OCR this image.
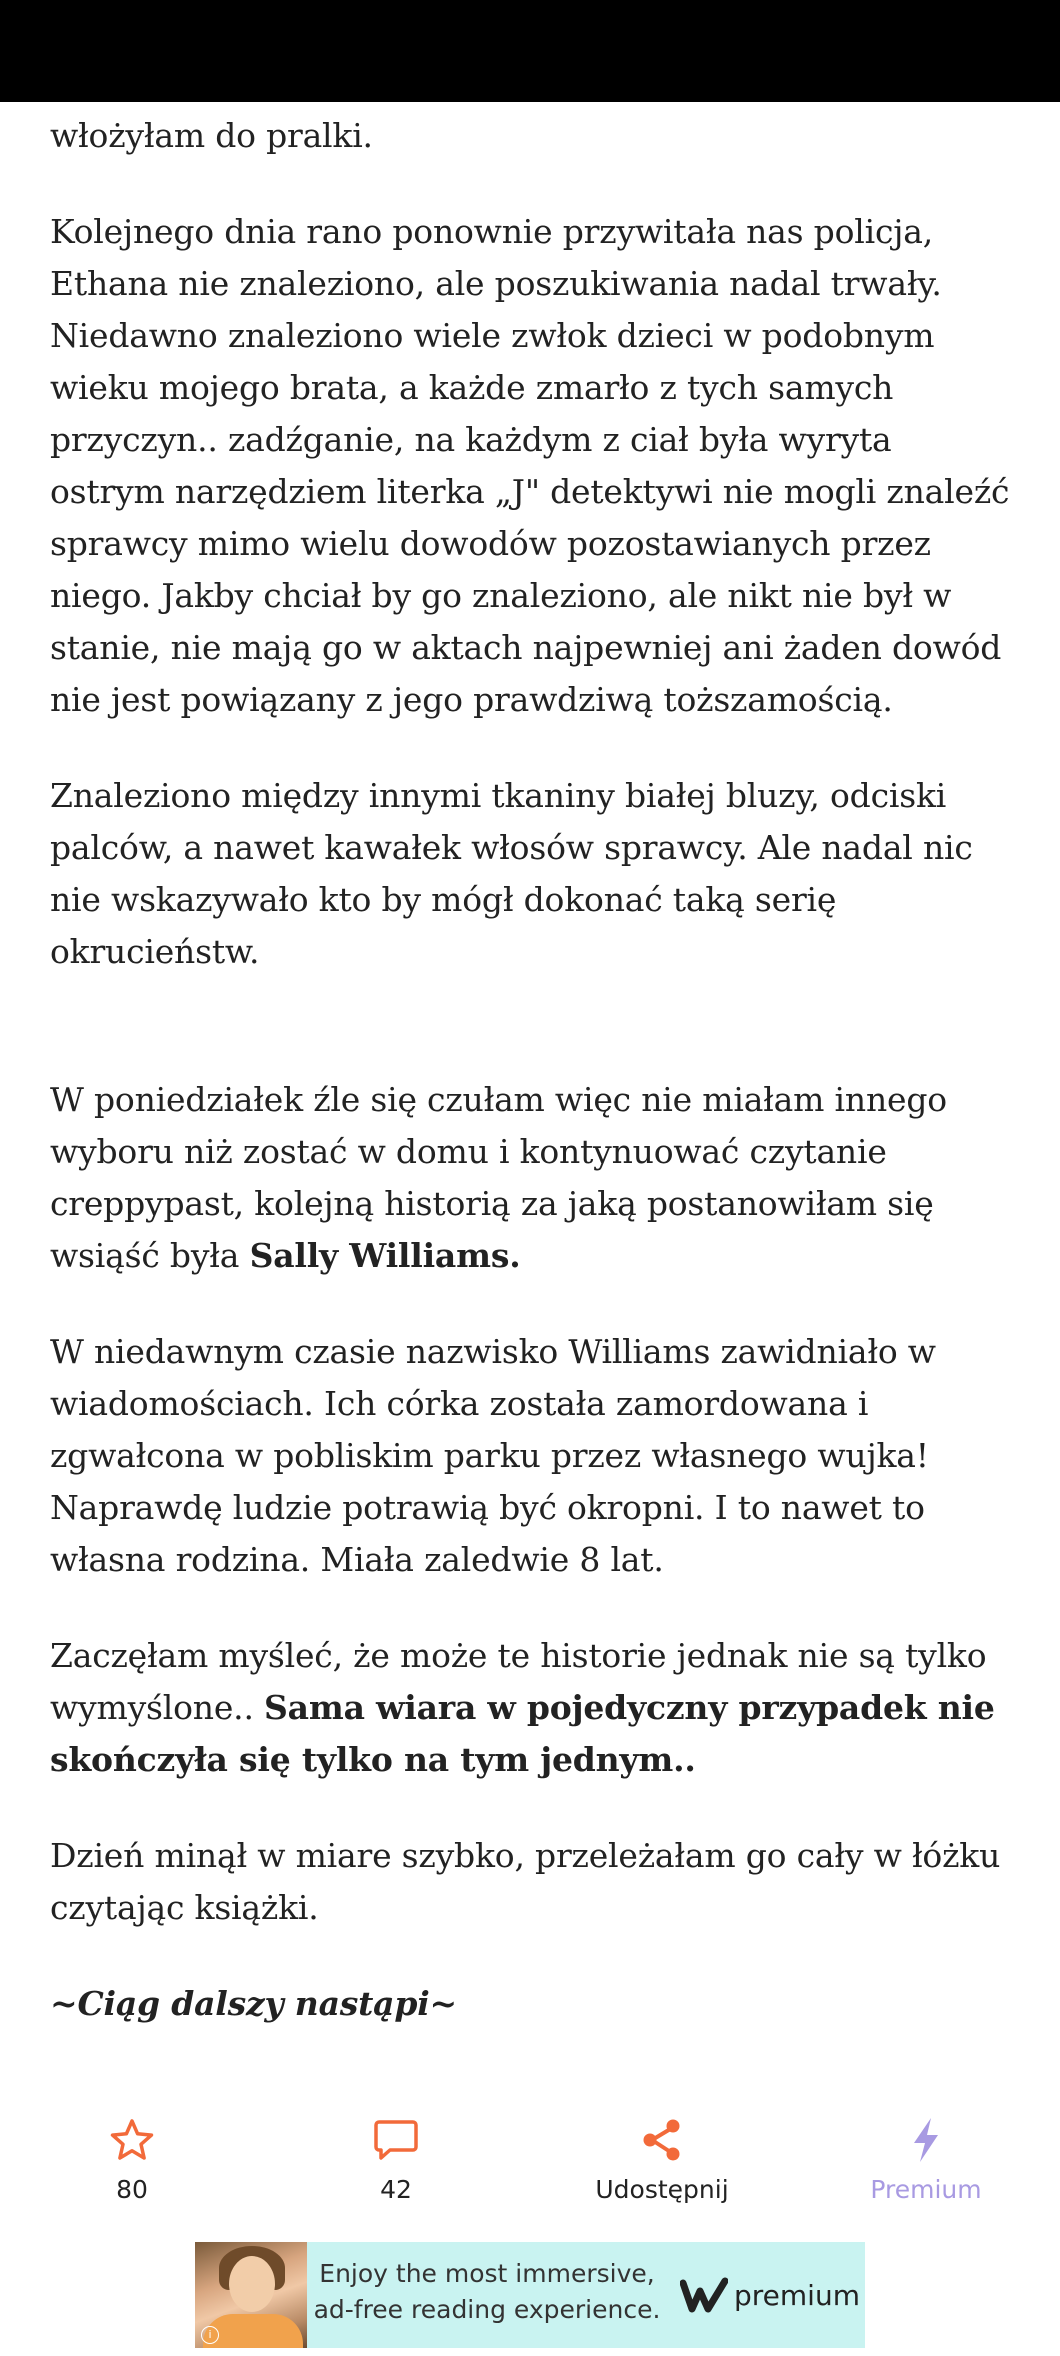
włożyłam do pralki.

Kolejnego dnia rano ponownie przywitała nas policja, Ethana nie znaleziono, ale poszukiwania nadal trwały. Niedawno znaleziono wiele zwłok dzieci w podobnym wieku mojego brata, a każde zmarło z tych samych przyczyn.. zadźganie, na każdym z ciał była wyryta ostrym narzędziem literka „J" detektywi nie mogli znaleźć sprawcy mimo wielu dowodów pozostawianych przez niego. Jakby chciał by go znaleziono, ale nikt nie był w stanie, nie mają go w aktach najpewniej ani żaden dowód nie jest powiązany z jego prawdziwą toższamością.

Znaleziono między innymi tkaniny białej bluzy, odciski palców, a nawet kawałek włosów sprawcy. Ale nadal nic nie wskazywało kto by mógł dokonać taką serię okrucieństw.

W poniedziałek źle się czułam więc nie miałam innego wyboru niż zostać w domu i kontynuować czytanie creppypast, kolejną historią za jaką postanowiłam się wsiąść była Sally Williams.

W niedawnym czasie nazwisko Williams zawidniało w wiadomościach. Ich córka została zamordowana i zgwałcona w pobliskim parku przez własnego wujka! Naprawdę ludzie potrawią być okropni. I to nawet to własna rodzina. Miała zaledwie 8 lat.

Zaczęłam myśleć, że może te historie jednak nie są tylko wymyślone.. Sama wiara w pojedyczny przypadek nie skończyła się tylko na tym jednym..

Dzień minął w miare szybko, przeleżałam go cały w łóżku czytając książki.

~Ciąg dalszy nastąpi~

80	42	Udostępnij	Premium
i
Enjoy the most immersive,
ad-free reading experience.	premium
